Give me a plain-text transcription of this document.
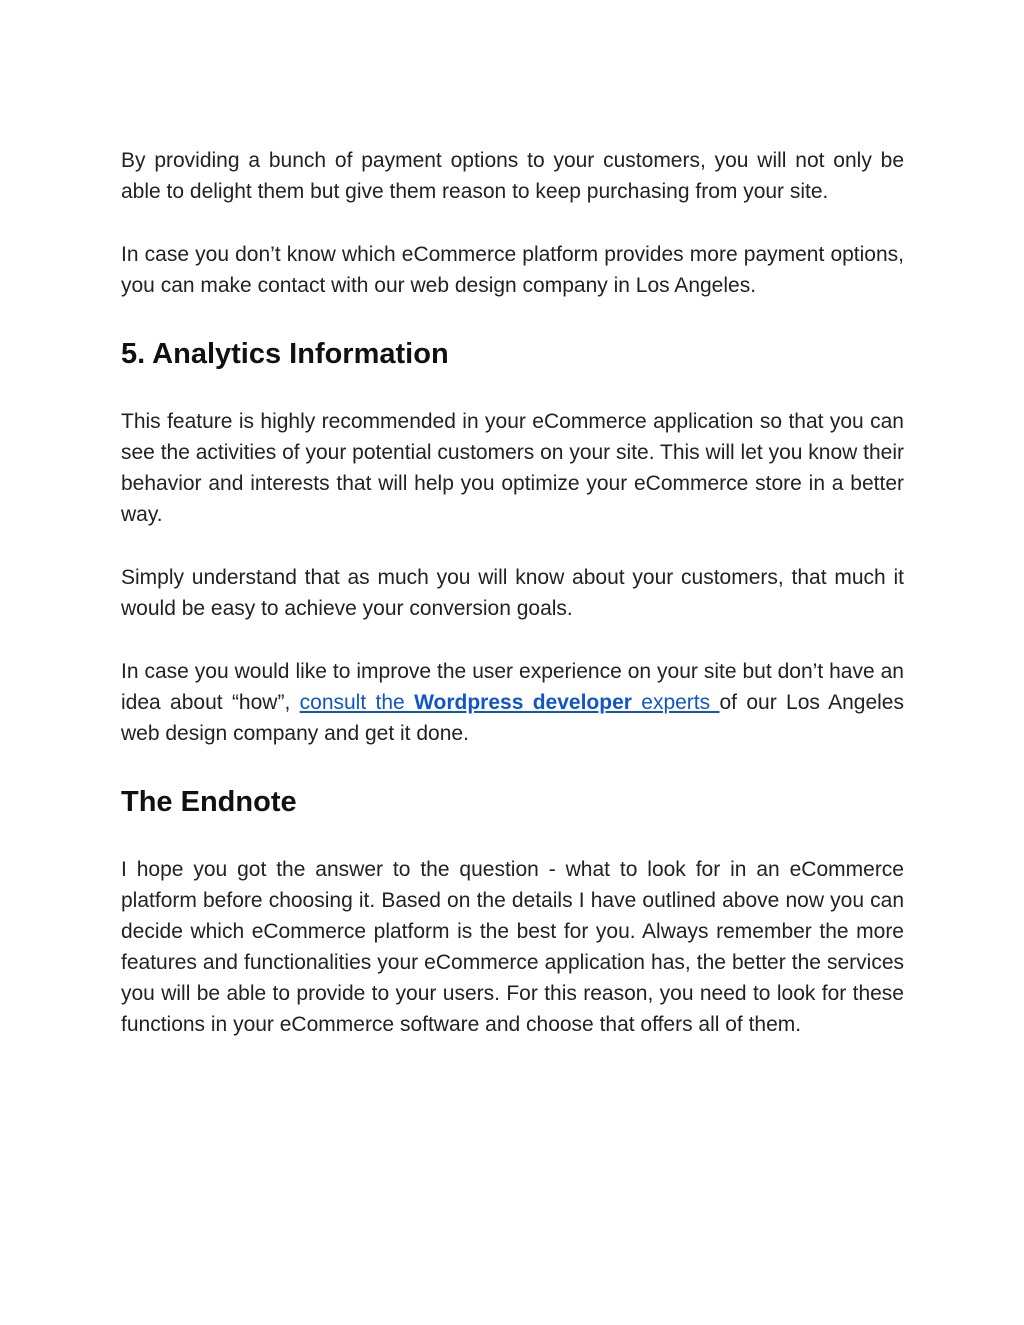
By providing a bunch of payment options to your customers, you will not only be able to delight them but give them reason to keep purchasing from your site.

In case you don’t know which eCommerce platform provides more payment options, you can make contact with our web design company in Los Angeles.

5. Analytics Information

This feature is highly recommended in your eCommerce application so that you can see the activities of your potential customers on your site. This will let you know their behavior and interests that will help you optimize your eCommerce store in a better way.

Simply understand that as much you will know about your customers, that much it would be easy to achieve your conversion goals.

In case you would like to improve the user experience on your site but don’t have an idea about “how”, consult the Wordpress developer experts of our Los Angeles web design company and get it done.

The Endnote

I hope you got the answer to the question - what to look for in an eCommerce platform before choosing it. Based on the details I have outlined above now you can decide which eCommerce platform is the best for you. Always remember the more features and functionalities your eCommerce application has, the better the services you will be able to provide to your users. For this reason, you need to look for these functions in your eCommerce software and choose that offers all of them.
